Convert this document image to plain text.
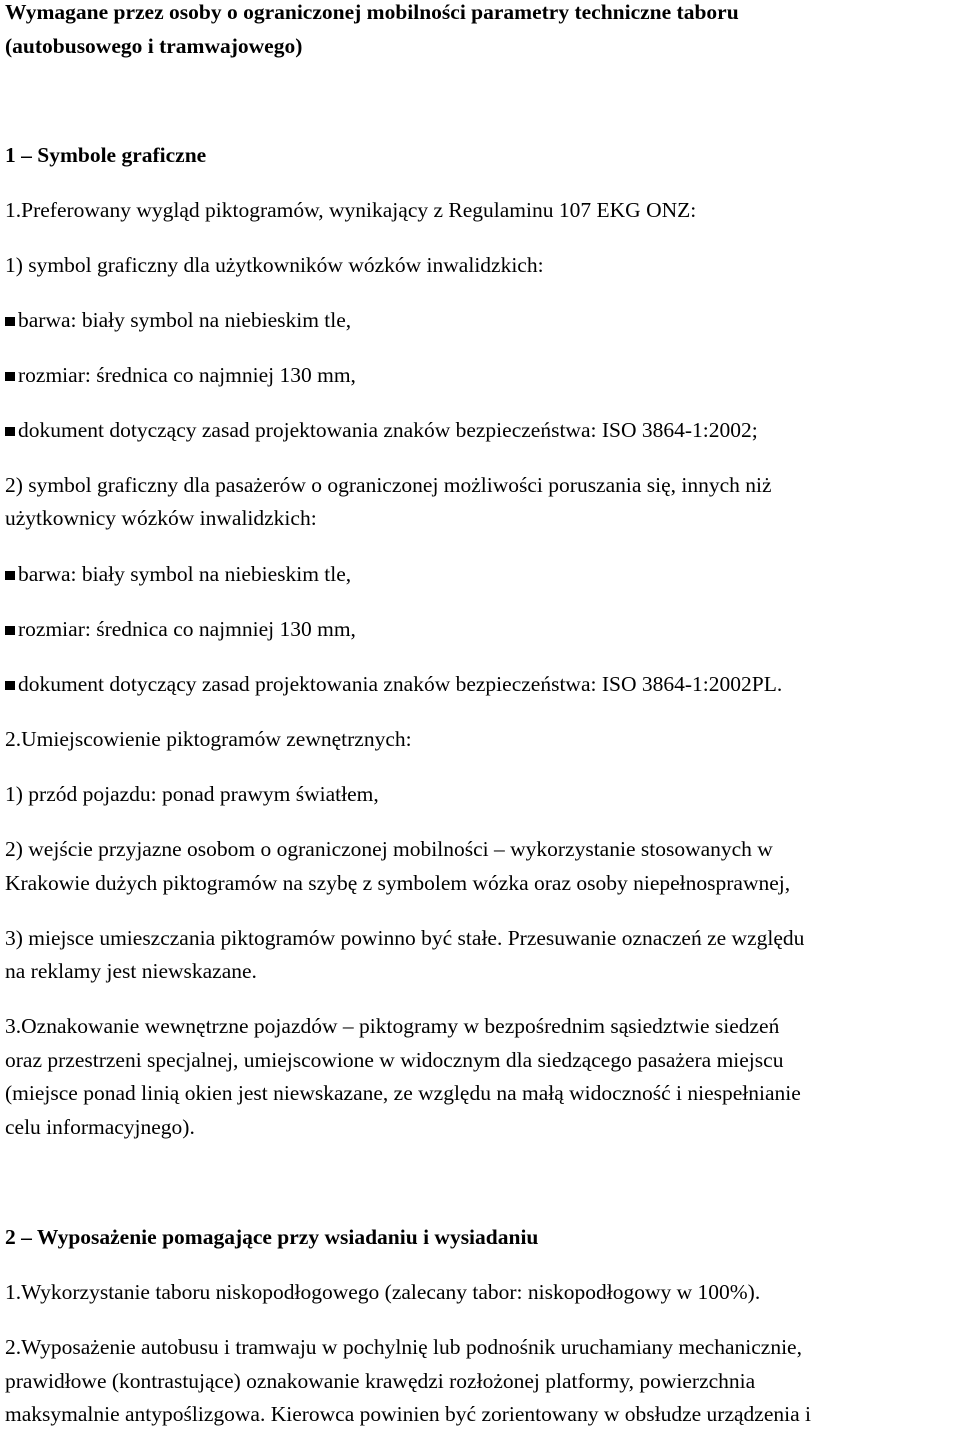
Wymagane przez osoby o ograniczonej mobilności parametry techniczne taboru

(autobusowego i tramwajowego)

1 – Symbole graficzne

1.Preferowany wygląd piktogramów, wynikający z Regulaminu 107 EKG ONZ:

1) symbol graficzny dla użytkowników wózków inwalidzkich:

barwa: biały symbol na niebieskim tle,

rozmiar: średnica co najmniej 130 mm,

dokument dotyczący zasad projektowania znaków bezpieczeństwa: ISO 3864-1:2002;

2) symbol graficzny dla pasażerów o ograniczonej możliwości poruszania się, innych niż

użytkownicy wózków inwalidzkich:

barwa: biały symbol na niebieskim tle,

rozmiar: średnica co najmniej 130 mm,

dokument dotyczący zasad projektowania znaków bezpieczeństwa: ISO 3864-1:2002PL.

2.Umiejscowienie piktogramów zewnętrznych:

1) przód pojazdu: ponad prawym światłem,

2) wejście przyjazne osobom o ograniczonej mobilności – wykorzystanie stosowanych w

Krakowie dużych piktogramów na szybę z symbolem wózka oraz osoby niepełnosprawnej,

3) miejsce umieszczania piktogramów powinno być stałe. Przesuwanie oznaczeń ze względu

na reklamy jest niewskazane.

3.Oznakowanie wewnętrzne pojazdów – piktogramy w bezpośrednim sąsiedztwie siedzeń

oraz przestrzeni specjalnej, umiejscowione w widocznym dla siedzącego pasażera miejscu

(miejsce ponad linią okien jest niewskazane, ze względu na małą widoczność i niespełnianie

celu informacyjnego).

2 – Wyposażenie pomagające przy wsiadaniu i wysiadaniu

1.Wykorzystanie taboru niskopodłogowego (zalecany tabor: niskopodłogowy w 100%).

2.Wyposażenie autobusu i tramwaju w pochylnię lub podnośnik uruchamiany mechanicznie,

prawidłowe (kontrastujące) oznakowanie krawędzi rozłożonej platformy, powierzchnia

maksymalnie antypoślizgowa. Kierowca powinien być zorientowany w obsłudze urządzenia i
